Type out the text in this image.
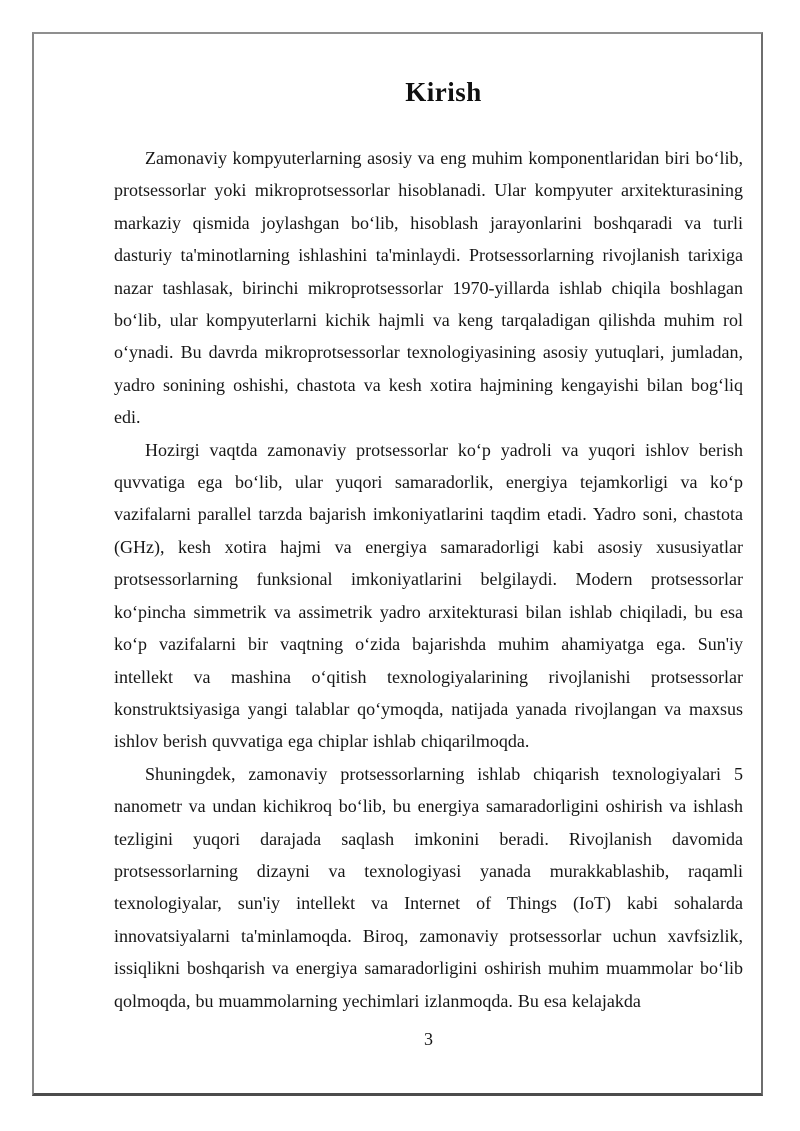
Kirish

Zamonaviy kompyuterlarning asosiy va eng muhim komponentlaridan biri bo‘lib, protsessorlar yoki mikroprotsessorlar hisoblanadi. Ular kompyuter arxitekturasining markaziy qismida joylashgan bo‘lib, hisoblash jarayonlarini boshqaradi va turli dasturiy ta'minotlarning ishlashini ta'minlaydi. Protsessorlarning rivojlanish tarixiga nazar tashlasak, birinchi mikroprotsessorlar 1970-yillarda ishlab chiqila boshlagan bo‘lib, ular kompyuterlarni kichik hajmli va keng tarqaladigan qilishda muhim rol o‘ynadi. Bu davrda mikroprotsessorlar texnologiyasining asosiy yutuqlari, jumladan, yadro sonining oshishi, chastota va kesh xotira hajmining kengayishi bilan bog‘liq edi.

Hozirgi vaqtda zamonaviy protsessorlar ko‘p yadroli va yuqori ishlov berish quvvatiga ega bo‘lib, ular yuqori samaradorlik, energiya tejamkorligi va ko‘p vazifalarni parallel tarzda bajarish imkoniyatlarini taqdim etadi. Yadro soni, chastota (GHz), kesh xotira hajmi va energiya samaradorligi kabi asosiy xususiyatlar protsessorlarning funksional imkoniyatlarini belgilaydi. Modern protsessorlar ko‘pincha simmetrik va assimetrik yadro arxitekturasi bilan ishlab chiqiladi, bu esa ko‘p vazifalarni bir vaqtning o‘zida bajarishda muhim ahamiyatga ega. Sun'iy intellekt va mashina o‘qitish texnologiyalarining rivojlanishi protsessorlar konstruktsiyasiga yangi talablar qo‘ymoqda, natijada yanada rivojlangan va maxsus ishlov berish quvvatiga ega chiplar ishlab chiqarilmoqda.

Shuningdek, zamonaviy protsessorlarning ishlab chiqarish texnologiyalari 5 nanometr va undan kichikroq bo‘lib, bu energiya samaradorligini oshirish va ishlash tezligini yuqori darajada saqlash imkonini beradi. Rivojlanish davomida protsessorlarning dizayni va texnologiyasi yanada murakkablashib, raqamli texnologiyalar, sun'iy intellekt va Internet of Things (IoT) kabi sohalarda innovatsiyalarni ta'minlamoqda. Biroq, zamonaviy protsessorlar uchun xavfsizlik, issiqlikni boshqarish va energiya samaradorligini oshirish muhim muammolar bo‘lib qolmoqda, bu muammolarning yechimlari izlanmoqda. Bu esa kelajakda

3
